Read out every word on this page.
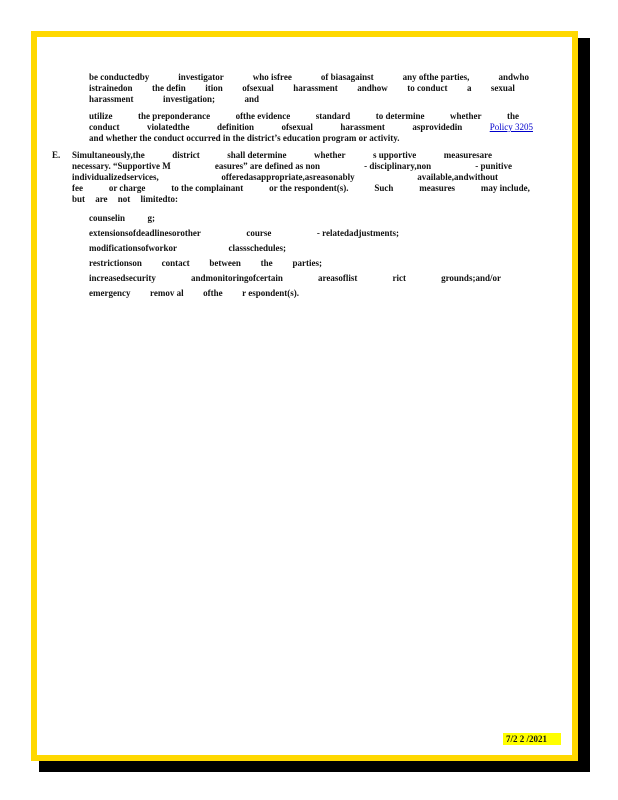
be conductedby	investigator	who isfree	of biasagainst	any ofthe parties,	andwho
istrainedon the defin ition ofsexual harassment andhow to conduct a sexual
harassment	investigation;	and
utilize	the preponderance	ofthe evidence	standard	to determine	whether	the
conduct	violatedthe	definition	ofsexual	harassment	asprovidedin	Policy 3205
and whether the conduct occurred in the district’s education program or activity.
E. Simultaneously,the	district	shall determine	whether	s upportive	measuresare
necessary. “Supportive M	easures” are defined as non	- disciplinary,non	- punitive
individualizedservices,	offeredasappropriate,asreasonably	available,andwithout
fee	or charge	to the complainant	or the respondent(s).	Such	measures	may include,
but are not limitedto:
counselin g;
extensionsofdeadlinesorother	course	- relatedadjustments;
modificationsofworkor	classschedules;
restrictionson contact between the parties;
increasedsecurity	andmonitoringofcertain	areasoflist	rict	grounds;and/or
emergency remov al ofthe r espondent(s).
7/2 2 /2021
